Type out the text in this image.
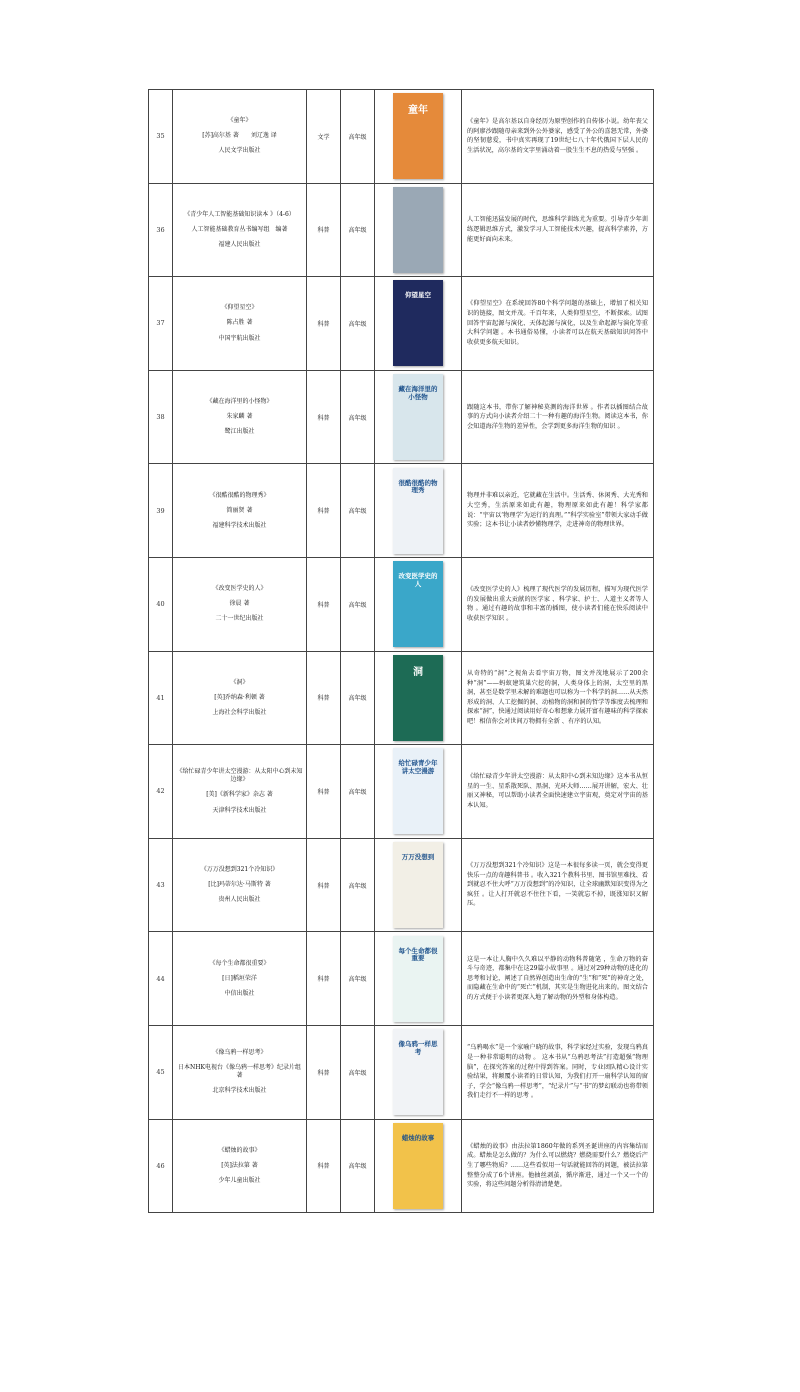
35	《童年》
[苏]高尔基 著　　刘辽逸 译
人民文学出版社	文学	高年级	童年	《童年》是高尔基以自身经历为原型创作的自传体小说。幼年丧父的阿廖沙跟随母亲来到外公外婆家，感受了外公的喜怒无常，外婆的坚韧慈爱，书中真实再现了19世纪七八十年代俄国下层人民的生活状况，高尔基的文字里涌动着一股生生不息的热爱与坚强 。
36	《青少年人工智能基础知识读本 》（4-6）
人工智能基础教育丛书编写组　编著
福建人民出版社	科普	高年级		人工智能迅猛发展的时代，思维科学训练尤为重要。引导青少年训练逻辑思维方式，激发学习人工智能技术兴趣，提高科学素养，方能更好面向未来。
37	《仰望星空》
陈占胜 著
中国宇航出版社	科普	高年级	仰望星空	《仰望星空》在系统回答80个科学问题的基础上，增加了相关知识的链接，图文并茂。千百年来，人类仰望星空，不断探索。试图回答宇宙起源与演化、天体起源与演化，以及生命起源与演化等重大科学问题 。本书通俗易懂，小读者可以在航天基础知识问答中收获更多航天知识。
38	《藏在海洋里的小怪物》
朱家麟 著
鹭江出版社	科普	高年级	藏在海洋里的小怪物	跟随这本书，带你了解神秘莫测的海洋世界 。作者以插图结合故事的方式向小读者介绍二十一种有趣的海洋生物。阅读这本书，你会知道海洋生物的差异性，会学到更多海洋生物的知识 。
39	《很酷很酷的物理秀》
简丽贤 著
福建科学技术出版社	科普	高年级	很酷很酷的物理秀	物理并非难以亲近，它就藏在生活中。生活秀、休闲秀、大光秀和大空秀，生活原来如此有趣，物理原来如此有趣！科学家都说：“宇宙以‘物理学’为运行的真理。”“科学实验室”带领大家动手做实验；这本书让小读者妙懂物理学，走进神奇的物理世界。
40	《改变医学史的人》
徐晨 著
二十一世纪出版社	科普	高年级	改变医学史的人	《改变医学史的人》梳理了现代医学的发展历程，描写为现代医学的发展做出重大贡献的医学家 、科学家、护士、人道主义者等人物 。通过有趣的故事和丰富的插图，使小读者们能在快乐阅读中收获医学知识 。
41	《洞》
[英]乔纳森·利顿 著
上海社会科学出版社	科普	高年级	洞	从奇特的“洞”之视角去看宇宙万物，图文并茂地展示了200余种“洞”——蚂蚁建筑巢穴挖的洞，人类身体上的洞，太空里的黑洞，甚至是数学里未解的难题也可以称为一个科学的洞……从天然形成的洞、人工挖掘的洞、动植物的洞和洞的哲学等维度去梳理和探索“洞”，快通过阅读用好奇心和想象力展开富有趣味的科学探索吧！相信你会对世间万物拥有全新 、有序的认知。
42	《给忙碌青少年讲太空漫游：从太阳中心到未知边缘》
[美]《新科学家》杂志 著
天津科学技术出版社	科普	高年级	给忙碌青少年讲太空漫游	《给忙碌青少年讲太空漫游：从太阳中心到未知边缘》这本书从恒星的一生、星系散死队、黑洞、光环大师……展开讲解，宏大、壮丽又神秘，可以帮助小读者全面快速建立宇宙观，奠定对宇宙的基本认知。
43	《万万没想到321个冷知识》
[比]玛蒂尔达·马斯特 著
贵州人民出版社	科普	高年级	万万没想到	《万万没想到321个冷知识》这是一本很每多读一页，就会变得更快乐一点的奇趣科普书 。收入321个教科书里、图书馆里难找、看到就忍不住大呼“万万没想到”的冷知识，让全球幽默知识变得为之疯狂 。让人打开就忍不住往下看，一笑就忘不掉，既涨知识又解压。
44	《每个生命都很重要》
[日]稻垣荣洋
中信出版社	科普	高年级	每个生命都很重要	这是一本让人胸中久久难以平静的动物科普随笔 ，生命万物的奋斗与奇迹，都集中在这29篇小故事里 。通过对29种动物的进化的思考和讨论，阐述了自然界创造出生命的“生”和“死”的神奇之处，而隐藏在生命中的“死亡”机制，其实是生物进化出来的。图文结合的方式便于小读者更深入地了解动物的外型和身体构造。
45	《像乌鸦一样思考》
日本NHK电视台《像乌鸦一样思考》纪录片组 著
北京科学技术出版社	科普	高年级	像乌鸦一样思考	“乌鸦喝水”是一个家喻户晓的故事，科学家经过实验，发现乌鸦真是一种非常聪明的动物 。 这本书从“乌鸦思考法”打造超强“物理脑”，在探究答案的过程中得到答案。同时，专业团队精心设计实验结果，将颠覆小读者的日常认知，为我们打开一扇科学认知的窗子，学会“像乌鸦一样思考”，“纪录片”与“书”的梦幻联动也将带领我们走行不一样的思考 。
46	《蜡烛的故事》
[英]法拉第 著
少年儿童出版社	科普	高年级	蜡烛的故事	《蜡烛的故事》由法拉第1860年做的系列圣诞讲座的内容集结而成。蜡烛是怎么做的？为什么可以燃烧？燃烧需要什么？燃烧后产生了哪些物质？……这些看似用一句话就能回答的问题，被法拉第整整分成了6个讲座。他抽丝剥茧，循序渐进，通过一个又一个的实验，将这些问题分析得清清楚楚。
